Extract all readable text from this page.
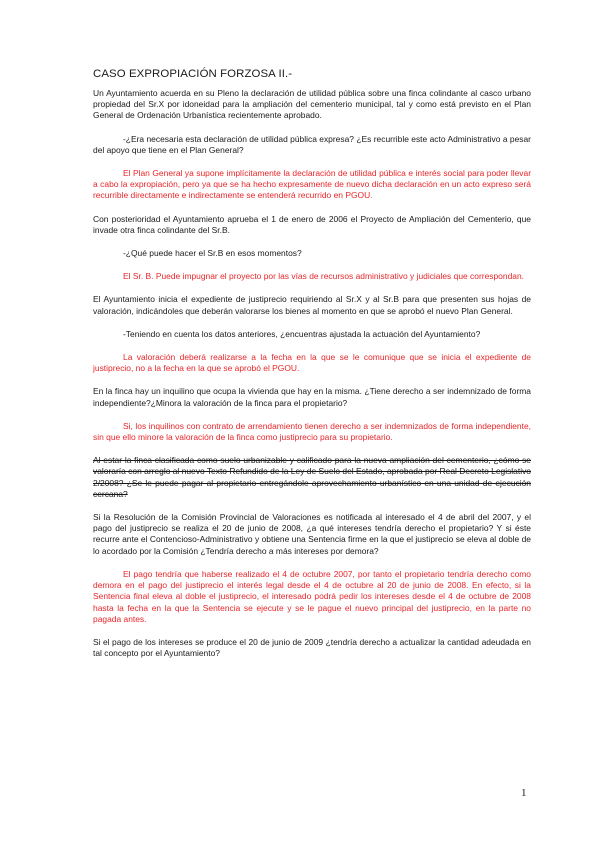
CASO EXPROPIACIÓN FORZOSA II.-

Un Ayuntamiento acuerda en su Pleno la declaración de utilidad pública sobre una finca colindante al casco urbano propiedad del Sr.X por idoneidad para la ampliación del cementerio municipal, tal y como está previsto en el Plan General de Ordenación Urbanística recientemente aprobado.

-¿Era necesaria esta declaración de utilidad pública expresa? ¿Es recurrible este acto Administrativo a pesar del apoyo que tiene en el Plan General?

El Plan General ya supone implícitamente la declaración de utilidad pública e interés social para poder llevar a cabo la expropiación, pero ya que se ha hecho expresamente de nuevo dicha declaración en un acto expreso será recurrible directamente e indirectamente se entenderá recurrido en PGOU.

Con posterioridad el Ayuntamiento aprueba el 1 de enero de 2006 el Proyecto de Ampliación del Cementerio, que invade otra finca colindante del Sr.B.

-¿Qué puede hacer el Sr.B en esos momentos?

El Sr. B. Puede impugnar el proyecto por las vías de recursos administrativo y judiciales que correspondan.

El Ayuntamiento inicia el expediente de justiprecio requiriendo al Sr.X y al Sr.B para que presenten sus hojas de valoración, indicándoles que deberán valorarse los bienes al momento en que se aprobó el nuevo Plan General.

-Teniendo en cuenta los datos anteriores, ¿encuentras ajustada la actuación del Ayuntamiento?

La valoración deberá realizarse a la fecha en la que se le comunique que se inicia el expediente de justiprecio, no a la fecha en la que se aprobó el PGOU.

En la finca hay un inquilino que ocupa la vivienda que hay en la misma. ¿Tiene derecho a ser indemnizado de forma independiente?¿Minora la valoración de la finca para el propietario?

Si, los inquilinos con contrato de arrendamiento tienen derecho a ser indemnizados de forma independiente, sin que ello minore la valoración de la finca como justiprecio para su propietario.

Al estar la finca clasificada como suelo urbanizable y calificado para la nueva ampliación del cementerio, ¿cómo se valoraría con arreglo al nuevo Texto Refundido de la Ley de Suelo del Estado, aprobada por Real Decreto Legislativo 2/2008? ¿Se le puede pagar al propietario entregándole aprovechamiento urbanístico en una unidad de ejecución cercana?

Si la Resolución de la Comisión Provincial de Valoraciones es notificada al interesado el 4 de abril del 2007, y el pago del justiprecio se realiza el 20 de junio de 2008, ¿a qué intereses tendría derecho el propietario? Y si éste recurre ante el Contencioso-Administrativo y obtiene una Sentencia firme en la que el justiprecio se eleva al doble de lo acordado por la Comisión ¿Tendría derecho a más intereses por demora?

El pago tendría que haberse realizado el 4 de octubre 2007, por tanto el propietario tendría derecho como demora en el pago del justiprecio el interés legal desde el 4 de octubre al 20 de junio de 2008. En efecto, si la Sentencia final eleva al doble el justiprecio, el interesado podrá pedir los intereses desde el 4 de octubre de 2008 hasta la fecha en la que la Sentencia se ejecute y se le pague el nuevo principal del justiprecio, en la parte no pagada antes.

Si el pago de los intereses se produce el 20 de junio de 2009 ¿tendría derecho a actualizar la cantidad adeudada en tal concepto por el Ayuntamiento?

1
